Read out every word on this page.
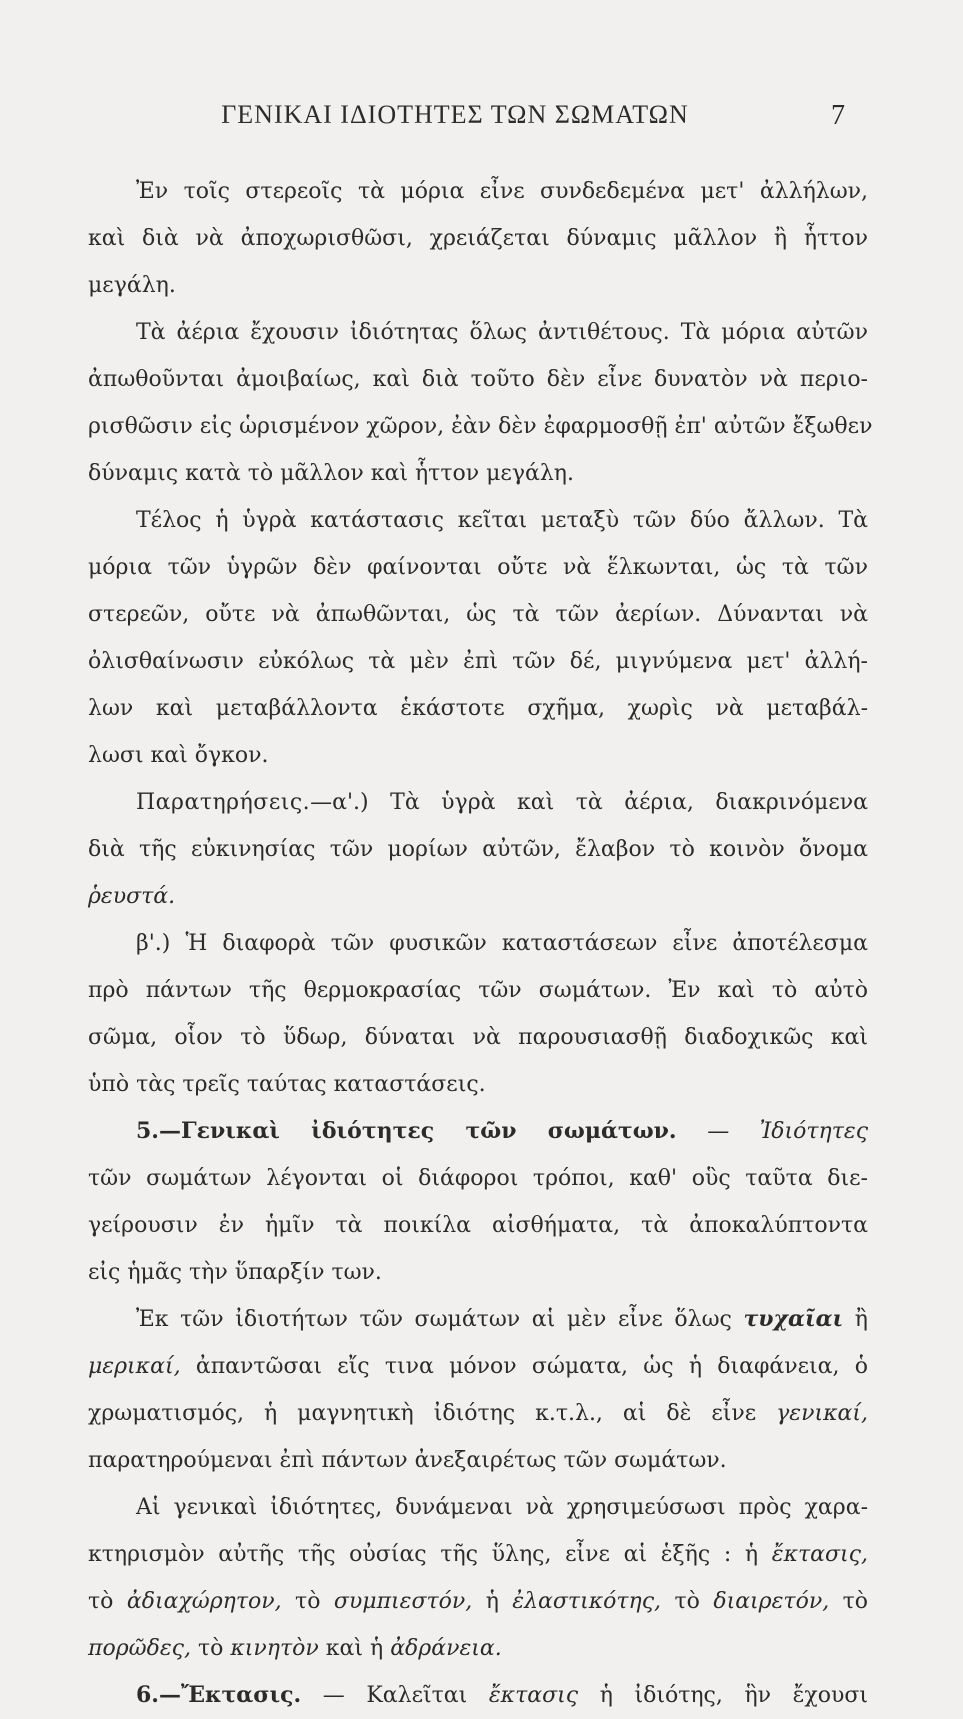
ΓΕΝΙΚΑΙ ΙΔΙΟΤΗΤΕΣ ΤΩΝ ΣΩΜΑΤΩΝ	7
Ἐν τοῖς στερεοῖς τὰ μόρια εἶνε συνδεδεμένα μετ' ἀλλήλων,
καὶ διὰ νὰ ἀποχωρισθῶσι, χρειάζεται δύναμις μᾶλλον ἢ ἧττον
μεγάλη.
Τὰ ἀέρια ἔχουσιν ἰδιότητας ὅλως ἀντιθέτους. Τὰ μόρια αὐτῶν
ἀπωθοῦνται ἀμοιβαίως, καὶ διὰ τοῦτο δὲν εἶνε δυνατὸν νὰ περιο-
ρισθῶσιν εἰς ὡρισμένον χῶρον, ἐὰν δὲν ἐφαρμοσθῇ ἐπ' αὐτῶν ἔξωθεν
δύναμις κατὰ τὸ μᾶλλον καὶ ἧττον μεγάλη.
Τέλος ἡ ὑγρὰ κατάστασις κεῖται μεταξὺ τῶν δύο ἄλλων. Τὰ
μόρια τῶν ὑγρῶν δὲν φαίνονται οὔτε νὰ ἕλκωνται, ὡς τὰ τῶν
στερεῶν, οὔτε νὰ ἀπωθῶνται, ὡς τὰ τῶν ἀερίων. Δύνανται νὰ
ὀλισθαίνωσιν εὐκόλως τὰ μὲν ἐπὶ τῶν δέ, μιγνύμενα μετ' ἀλλή-
λων καὶ μεταβάλλοντα ἑκάστοτε σχῆμα, χωρὶς νὰ μεταβάλ-
λωσι καὶ ὄγκον.
Παρατηρήσεις.—α'.) Τὰ ὑγρὰ καὶ τὰ ἀέρια, διακρινόμενα
διὰ τῆς εὐκινησίας τῶν μορίων αὐτῶν, ἔλαβον τὸ κοινὸν ὄνομα
ῥευστά.
β'.) Ἡ διαφορὰ τῶν φυσικῶν καταστάσεων εἶνε ἀποτέλεσμα
πρὸ πάντων τῆς θερμοκρασίας τῶν σωμάτων. Ἐν καὶ τὸ αὐτὸ
σῶμα, οἷον τὸ ὕδωρ, δύναται νὰ παρουσιασθῇ διαδοχικῶς καὶ
ὑπὸ τὰς τρεῖς ταύτας καταστάσεις.
5.—Γενικαὶ ἰδιότητες τῶν σωμάτων. — Ἰδιότητες
τῶν σωμάτων λέγονται οἱ διάφοροι τρόποι, καθ' οὓς ταῦτα διε-
γείρουσιν ἐν ἡμῖν τὰ ποικίλα αἰσθήματα, τὰ ἀποκαλύπτοντα
εἰς ἡμᾶς τὴν ὕπαρξίν των.
Ἐκ τῶν ἰδιοτήτων τῶν σωμάτων αἱ μὲν εἶνε ὅλως τυχαῖαι ἢ
μερικαί, ἀπαντῶσαι εἴς τινα μόνον σώματα, ὡς ἡ διαφάνεια, ὁ
χρωματισμός, ἡ μαγνητικὴ ἰδιότης κ.τ.λ., αἱ δὲ εἶνε γενικαί,
παρατηρούμεναι ἐπὶ πάντων ἀνεξαιρέτως τῶν σωμάτων.
Αἱ γενικαὶ ἰδιότητες, δυνάμεναι νὰ χρησιμεύσωσι πρὸς χαρα-
κτηρισμὸν αὐτῆς τῆς οὐσίας τῆς ὕλης, εἶνε αἱ ἑξῆς : ἡ ἔκτασις,
τὸ ἀδιαχώρητον, τὸ συμπιεστόν, ἡ ἐλαστικότης, τὸ διαιρετόν, τὸ
πορῶδες, τὸ κινητὸν καὶ ἡ ἀδράνεια.
6.—Ἔκτασις. — Καλεῖται ἔκτασις ἡ ἰδιότης, ἣν ἔχουσι
